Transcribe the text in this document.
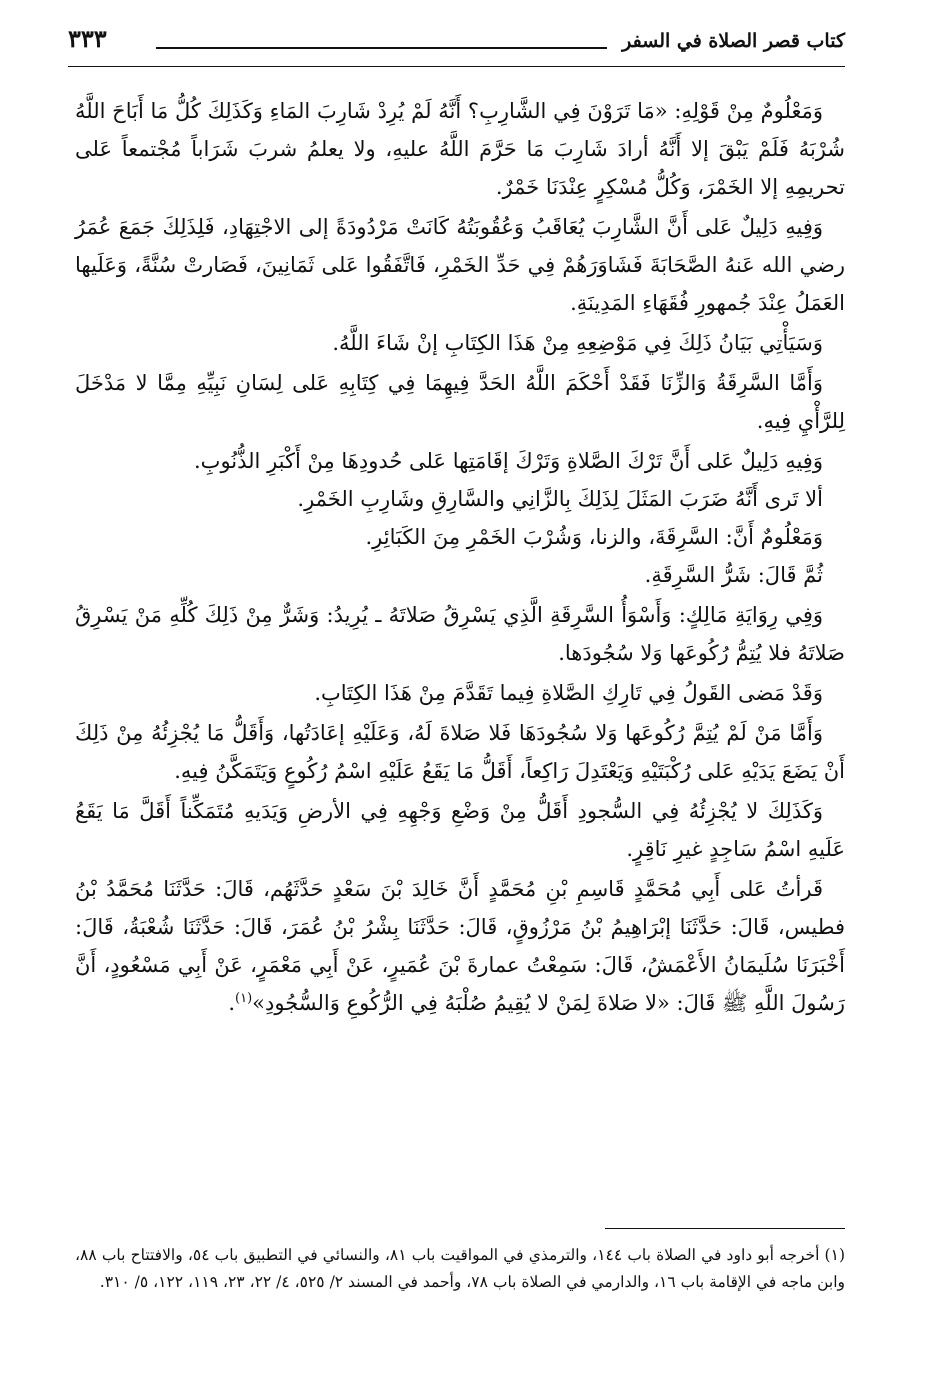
كتاب قصر الصلاة في السفر
٣٣٣

وَمَعْلُومٌ مِنْ قَوْلِهِ: «مَا تَرَوْنَ فِي الشَّارِبِ؟ أَنَّهُ لَمْ يُرِدْ شَارِبَ المَاءِ وَكَذَلِكَ كُلُّ مَا أَبَاحَ اللَّهُ شُرْبَهُ فَلَمْ يَبْقَ إلا أَنَّهُ أرادَ شَارِبَ مَا حَرَّمَ اللَّهُ عليهِ، ولا يعلمُ شربَ شَرَاباً مُجْتمعاً عَلى تحريمِهِ إلا الخَمْرَ، وَكُلُّ مُسْكِرٍ عِنْدَنَا خَمْرٌ.

وَفِيهِ دَلِيلٌ عَلى أَنَّ الشَّارِبَ يُعَاقَبُ وَعُقُوبَتُهُ كَانَتْ مَرْدُودَةً إلى الاجْتِهَادِ، فَلِذَلِكَ جَمَعَ عُمَرُ رضي الله عَنهُ الصَّحَابَةَ فَشَاوَرَهُمْ فِي حَدِّ الخَمْرِ، فَاتَّفَقُوا عَلى ثَمَانِينَ، فَصَارتْ سُنَّةً، وَعَلَيها العَمَلُ عِنْدَ جُمهورِ فُقَهَاءِ المَدِينَةِ.

وَسَيَأْتِي بَيَانُ ذَلِكَ فِي مَوْضِعِهِ مِنْ هَذَا الكِتَابِ إنْ شَاءَ اللَّهُ.

وَأَمَّا السَّرِقَةُ وَالزِّنَا فَقَدْ أَحْكَمَ اللَّهُ الحَدَّ فِيهِمَا فِي كِتَابِهِ عَلى لِسَانِ نَبِيِّهِ مِمَّا لا مَدْخَلَ لِلرَّأْيِ فِيهِ.

وَفِيهِ دَلِيلٌ عَلى أَنَّ تَرْكَ الصَّلاةِ وَتَرْكَ إقَامَتِها عَلى حُدودِهَا مِنْ أَكْبَرِ الذُّنُوبِ.

ألا تَرى أَنَّهُ ضَرَبَ المَثَلَ لِذَلِكَ بِالزَّانِي والسَّارِقِ وشَارِبِ الخَمْرِ.

وَمَعْلُومٌ أَنَّ: السَّرِقَةَ، والزنا، وَشُرْبَ الخَمْرِ مِنَ الكَبَائِرِ.

ثُمَّ قَالَ: شَرُّ السَّرِقَةِ.

وَفِي رِوَايَةِ مَالِكٍ: وَأَسْوَأُ السَّرِقَةِ الَّذِي يَسْرِقُ صَلاتَهُ ـ يُرِيدُ: وَشَرٌّ مِنْ ذَلِكَ كُلِّهِ مَنْ يَسْرِقُ صَلاتَهُ فلا يُتِمُّ رُكُوعَها وَلا سُجُودَها.

وَقَدْ مَضى القَولُ فِي تَارِكِ الصَّلاةِ فِيما تَقَدَّمَ مِنْ هَذَا الكِتَابِ.

وَأَمَّا مَنْ لَمْ يُتِمَّ رُكُوعَها وَلا سُجُودَهَا فَلا صَلاةَ لَهُ، وَعَلَيْهِ إعَادَتُها، وَأَقَلُّ مَا يُجْزِئُهُ مِنْ ذَلِكَ أَنْ يَضَعَ يَدَيْهِ عَلى رُكْبَتَيْهِ وَيَعْتَدِلَ رَاكِعاً، أَقَلُّ مَا يَقَعُ عَلَيْهِ اسْمُ رُكُوعٍ وَيَتَمَكَّنُ فِيهِ.

وَكَذَلِكَ لا يُجْزِئُهُ فِي السُّجودِ أَقَلُّ مِنْ وَضْعِ وَجْهِهِ فِي الأرضِ وَيَدَيهِ مُتَمَكِّناً أَقَلَّ مَا يَقَعُ عَلَيهِ اسْمُ سَاجِدٍ غيرِ نَاقِرٍ.

قَرأتُ عَلى أَبِي مُحَمَّدٍ قَاسِمِ بْنِ مُحَمَّدٍ أَنَّ خَالِدَ بْنَ سَعْدٍ حَدَّثَهُم، قَالَ: حَدَّثَنَا مُحَمَّدُ بْنُ فطيس، قَالَ: حَدَّثَنَا إبْرَاهِيمُ بْنُ مَرْزُوقٍ، قَالَ: حَدَّثَنَا بِشْرُ بْنُ عُمَرَ، قَالَ: حَدَّثَنَا شُعْبَةُ، قَالَ: أَخْبَرَنَا سُلَيمَانُ الأَعْمَشُ، قَالَ: سَمِعْتُ عمارةَ بْنَ عُمَيرٍ، عَنْ أَبِي مَعْمَرٍ، عَنْ أَبِي مَسْعُودٍ، أَنَّ رَسُولَ اللَّهِ ﷺ قَالَ: «لا صَلاةَ لِمَنْ لا يُقِيمُ صُلْبَهُ فِي الرُّكُوعِ وَالسُّجُودِ»$^{(١)}$.

(١) أخرجه أبو داود في الصلاة باب ١٤٤، والترمذي في المواقيت باب ٨١، والنسائي في التطبيق باب ٥٤، والافتتاح باب ٨٨، وابن ماجه في الإقامة باب ١٦، والدارمي في الصلاة باب ٧٨، وأحمد في المسند ٢/ ٥٢٥، ٤/ ٢٢، ٢٣، ١١٩، ١٢٢، ٥/ ٣١٠.
